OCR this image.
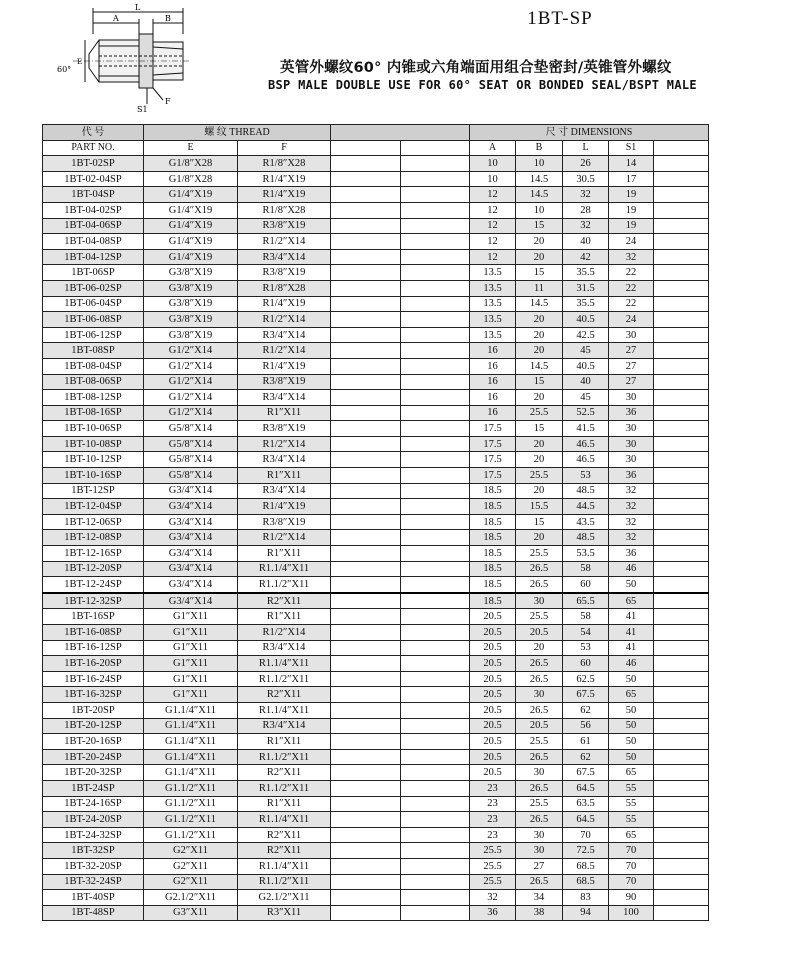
L
A	B
60°
E
F
S1
1BT-SP
英管外螺纹60° 内锥或六角端面用组合垫密封/英锥管外螺纹
BSP MALE DOUBLE USE FOR 60° SEAT OR BONDED SEAL/BSPT MALE
代 号	螺 纹 THREAD				尺 寸 DIMENSIONS				
PART NO.	E	F			A	B	L	S1	
1BT-02SP	G1/8″X28	R1/8″X28			10	10	26	14	
1BT-02-04SP	G1/8″X28	R1/4″X19			10	14.5	30.5	17	
1BT-04SP	G1/4″X19	R1/4″X19			12	14.5	32	19	
1BT-04-02SP	G1/4″X19	R1/8″X28			12	10	28	19	
1BT-04-06SP	G1/4″X19	R3/8″X19			12	15	32	19	
1BT-04-08SP	G1/4″X19	R1/2″X14			12	20	40	24	
1BT-04-12SP	G1/4″X19	R3/4″X14			12	20	42	32	
1BT-06SP	G3/8″X19	R3/8″X19			13.5	15	35.5	22	
1BT-06-02SP	G3/8″X19	R1/8″X28			13.5	11	31.5	22	
1BT-06-04SP	G3/8″X19	R1/4″X19			13.5	14.5	35.5	22	
1BT-06-08SP	G3/8″X19	R1/2″X14			13.5	20	40.5	24	
1BT-06-12SP	G3/8″X19	R3/4″X14			13.5	20	42.5	30	
1BT-08SP	G1/2″X14	R1/2″X14			16	20	45	27	
1BT-08-04SP	G1/2″X14	R1/4″X19			16	14.5	40.5	27	
1BT-08-06SP	G1/2″X14	R3/8″X19			16	15	40	27	
1BT-08-12SP	G1/2″X14	R3/4″X14			16	20	45	30	
1BT-08-16SP	G1/2″X14	R1″X11			16	25.5	52.5	36	
1BT-10-06SP	G5/8″X14	R3/8″X19			17.5	15	41.5	30	
1BT-10-08SP	G5/8″X14	R1/2″X14			17.5	20	46.5	30	
1BT-10-12SP	G5/8″X14	R3/4″X14			17.5	20	46.5	30	
1BT-10-16SP	G5/8″X14	R1″X11			17.5	25.5	53	36	
1BT-12SP	G3/4″X14	R3/4″X14			18.5	20	48.5	32	
1BT-12-04SP	G3/4″X14	R1/4″X19			18.5	15.5	44.5	32	
1BT-12-06SP	G3/4″X14	R3/8″X19			18.5	15	43.5	32	
1BT-12-08SP	G3/4″X14	R1/2″X14			18.5	20	48.5	32	
1BT-12-16SP	G3/4″X14	R1″X11			18.5	25.5	53.5	36	
1BT-12-20SP	G3/4″X14	R1.1/4″X11			18.5	26.5	58	46	
1BT-12-24SP	G3/4″X14	R1.1/2″X11			18.5	26.5	60	50	
1BT-12-32SP	G3/4″X14	R2″X11			18.5	30	65.5	65	
1BT-16SP	G1″X11	R1″X11			20.5	25.5	58	41	
1BT-16-08SP	G1″X11	R1/2″X14			20.5	20.5	54	41	
1BT-16-12SP	G1″X11	R3/4″X14			20.5	20	53	41	
1BT-16-20SP	G1″X11	R1.1/4″X11			20.5	26.5	60	46	
1BT-16-24SP	G1″X11	R1.1/2″X11			20.5	26.5	62.5	50	
1BT-16-32SP	G1″X11	R2″X11			20.5	30	67.5	65	
1BT-20SP	G1.1/4″X11	R1.1/4″X11			20.5	26.5	62	50	
1BT-20-12SP	G1.1/4″X11	R3/4″X14			20.5	20.5	56	50	
1BT-20-16SP	G1.1/4″X11	R1″X11			20.5	25.5	61	50	
1BT-20-24SP	G1.1/4″X11	R1.1/2″X11			20.5	26.5	62	50	
1BT-20-32SP	G1.1/4″X11	R2″X11			20.5	30	67.5	65	
1BT-24SP	G1.1/2″X11	R1.1/2″X11			23	26.5	64.5	55	
1BT-24-16SP	G1.1/2″X11	R1″X11			23	25.5	63.5	55	
1BT-24-20SP	G1.1/2″X11	R1.1/4″X11			23	26.5	64.5	55	
1BT-24-32SP	G1.1/2″X11	R2″X11			23	30	70	65	
1BT-32SP	G2″X11	R2″X11			25.5	30	72.5	70	
1BT-32-20SP	G2″X11	R1.1/4″X11			25.5	27	68.5	70	
1BT-32-24SP	G2″X11	R1.1/2″X11			25.5	26.5	68.5	70	
1BT-40SP	G2.1/2″X11	G2.1/2″X11			32	34	83	90	
1BT-48SP	G3″X11	R3″X11			36	38	94	100	
